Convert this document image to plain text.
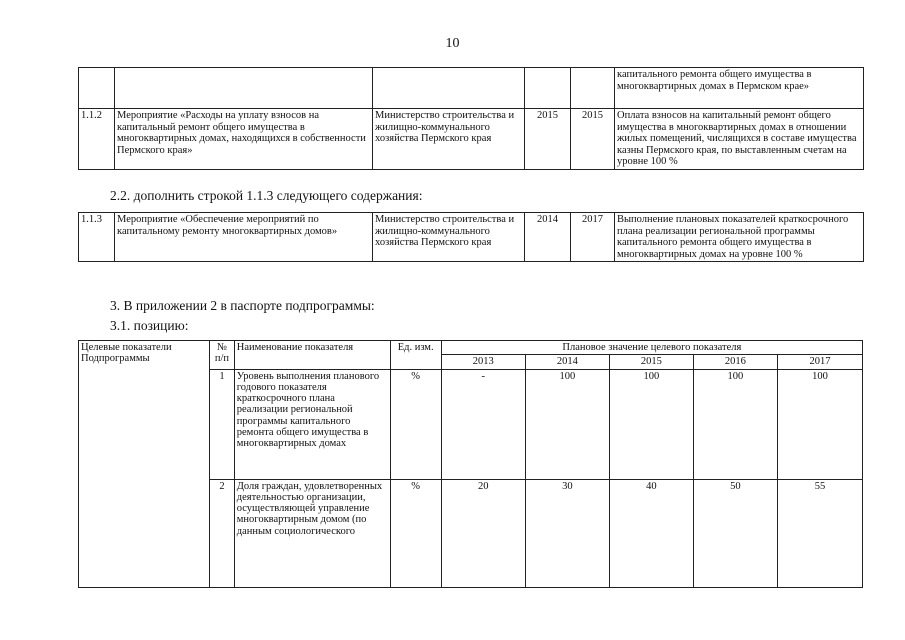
10
					капитального ремонта общего имущества в многоквартирных домах в Пермском крае»
1.1.2	Мероприятие «Расходы на уплату взносов на капитальный ремонт общего имущества в многоквартирных домах, находящихся в собственности Пермского края»	Министерство строительства и жилищно-коммунального хозяйства Пермского края	2015	2015	Оплата взносов на капитальный ремонт общего имущества в многоквартирных домах в отношении жилых помещений, числящихся в составе имущества казны Пермского края, по выставленным счетам на уровне 100 %
2.2. дополнить строкой 1.1.3 следующего содержания:
1.1.3	Мероприятие «Обеспечение мероприятий по капитальному ремонту многоквартирных домов»	Министерство строительства и жилищно-коммунального хозяйства Пермского края	2014	2017	Выполнение плановых показателей краткосрочного плана реализации региональной программы капитального ремонта общего имущества в многоквартирных домах на уровне 100 %
3. В приложении 2 в паспорте подпрограммы:
3.1. позицию:
Целевые показатели Подпрограммы	№ п/п	Наименование показателя	Ед. изм.	Плановое значение целевого показателя				
				2013	2014	2015	2016	2017
	1	Уровень выполнения планового годового показателя краткосрочного плана реализации региональной программы капитального ремонта общего имущества в многоквартирных домах	%	-	100	100	100	100
	2	Доля граждан, удовлетворенных деятельностью организации, осуществляющей управление многоквартирным домом (по данным социологического	%	20	30	40	50	55
